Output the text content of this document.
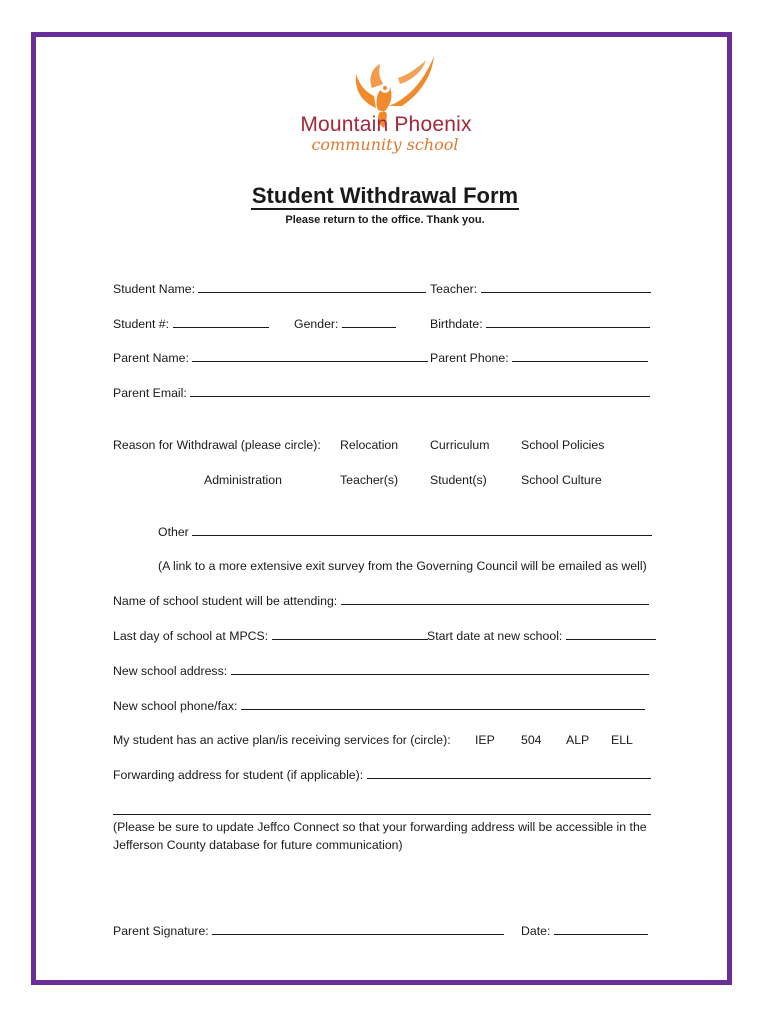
Mountain Phoenix
community school
Student Withdrawal Form
Please return to the office. Thank you.
Student Name:	Teacher:
Student #:	Gender:	Birthdate:
Parent Name:	Parent Phone:
Parent Email:
Reason for Withdrawal (please circle): Relocation	Curriculum	School Policies
Administration	Teacher(s)	Student(s)	School Culture
Other
(A link to a more extensive exit survey from the Governing Council will be emailed as well)
Name of school student will be attending:
Last day of school at MPCS:	Start date at new school:
New school address:
New school phone/fax:
My student has an active plan/is receiving services for (circle): IEP 504 ALP ELL
Forwarding address for student (if applicable):
(Please be sure to update Jeffco Connect so that your forwarding address will be accessible in the
Jefferson County database for future communication)
Parent Signature:	Date:
